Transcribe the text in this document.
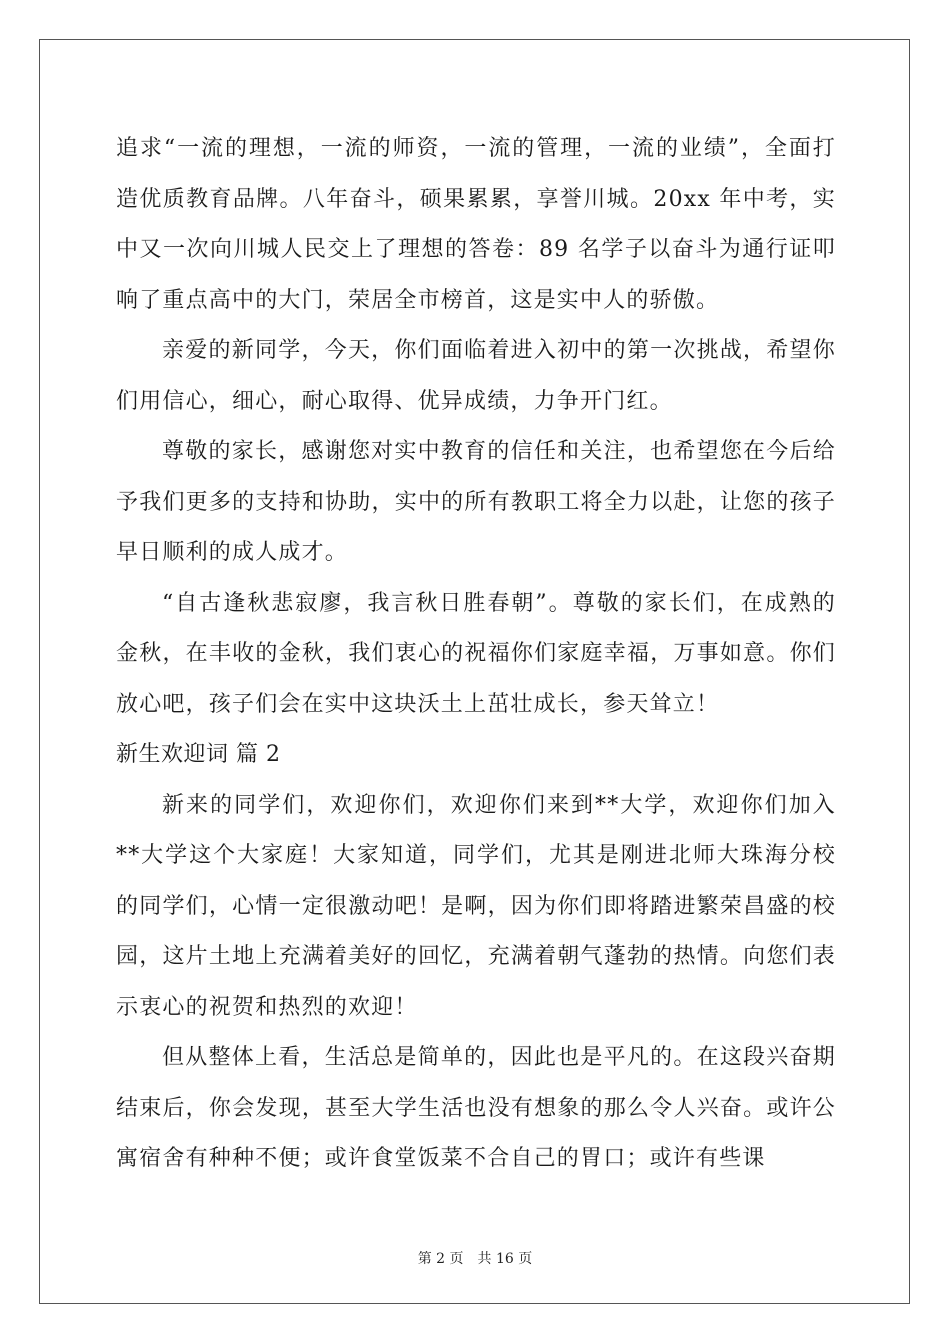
追求“一流的理想，一流的师资，一流的管理，一流的业绩”，全面打造优质教育品牌。八年奋斗，硕果累累，享誉川城。20xx 年中考，实中又一次向川城人民交上了理想的答卷：89 名学子以奋斗为通行证叩响了重点高中的大门，荣居全市榜首，这是实中人的骄傲。

亲爱的新同学，今天，你们面临着进入初中的第一次挑战，希望你们用信心，细心，耐心取得、优异成绩，力争开门红。

尊敬的家长，感谢您对实中教育的信任和关注，也希望您在今后给予我们更多的支持和协助，实中的所有教职工将全力以赴，让您的孩子早日顺利的成人成才。

“自古逢秋悲寂廖，我言秋日胜春朝”。尊敬的家长们，在成熟的金秋，在丰收的金秋，我们衷心的祝福你们家庭幸福，万事如意。你们放心吧，孩子们会在实中这块沃土上茁壮成长，参天耸立！

新生欢迎词 篇 2

新来的同学们，欢迎你们，欢迎你们来到**大学，欢迎你们加入**大学这个大家庭！大家知道，同学们，尤其是刚进北师大珠海分校的同学们，心情一定很激动吧！是啊，因为你们即将踏进繁荣昌盛的校园，这片土地上充满着美好的回忆，充满着朝气蓬勃的热情。向您们表示衷心的祝贺和热烈的欢迎！

但从整体上看，生活总是简单的，因此也是平凡的。在这段兴奋期结束后，你会发现，甚至大学生活也没有想象的那么令人兴奋。或许公寓宿舍有种种不便；或许食堂饭菜不合自己的胃口；或许有些课

第 2 页 共 16 页
